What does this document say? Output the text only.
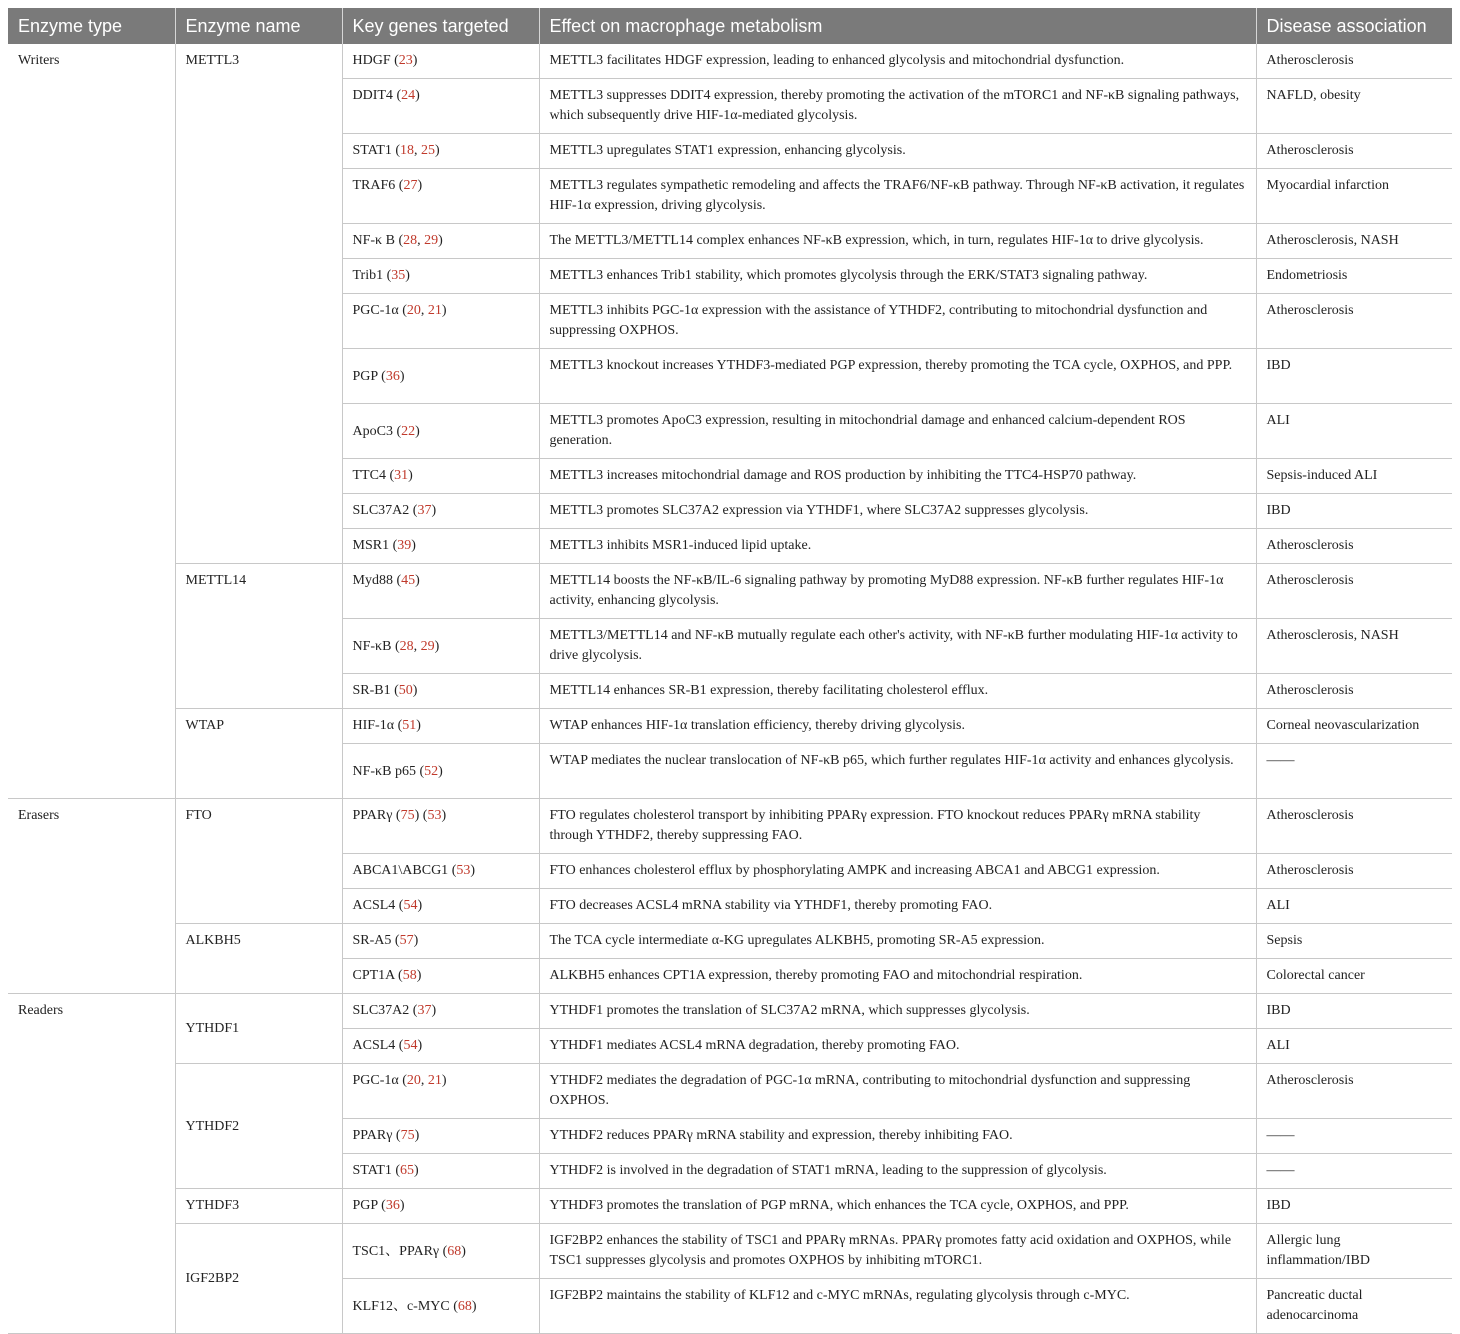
Enzyme type	Enzyme name	Key genes targeted	Effect on macrophage metabolism	Disease association
Writers	METTL3	HDGF (23)	METTL3 facilitates HDGF expression, leading to enhanced glycolysis and mitochondrial dysfunction.	Atherosclerosis
		DDIT4 (24)	METTL3 suppresses DDIT4 expression, thereby promoting the activation of the mTORC1 and NF-κB signaling pathways, which subsequently drive HIF-1α-mediated glycolysis.	NAFLD, obesity
		STAT1 (18, 25)	METTL3 upregulates STAT1 expression, enhancing glycolysis.	Atherosclerosis
		TRAF6 (27)	METTL3 regulates sympathetic remodeling and affects the TRAF6/NF-κB pathway. Through NF-κB activation, it regulates HIF-1α expression, driving glycolysis.	Myocardial infarction
		NF-κ B (28, 29)	The METTL3/METTL14 complex enhances NF-κB expression, which, in turn, regulates HIF-1α to drive glycolysis.	Atherosclerosis, NASH
		Trib1 (35)	METTL3 enhances Trib1 stability, which promotes glycolysis through the ERK/STAT3 signaling pathway.	Endometriosis
		PGC-1α (20, 21)	METTL3 inhibits PGC-1α expression with the assistance of YTHDF2, contributing to mitochondrial dysfunction and suppressing OXPHOS.	Atherosclerosis
		PGP (36)	METTL3 knockout increases YTHDF3-mediated PGP expression, thereby promoting the TCA cycle, OXPHOS, and PPP.	IBD
		ApoC3 (22)	METTL3 promotes ApoC3 expression, resulting in mitochondrial damage and enhanced calcium-dependent ROS generation.	ALI
		TTC4 (31)	METTL3 increases mitochondrial damage and ROS production by inhibiting the TTC4-HSP70 pathway.	Sepsis-induced ALI
		SLC37A2 (37)	METTL3 promotes SLC37A2 expression via YTHDF1, where SLC37A2 suppresses glycolysis.	IBD
		MSR1 (39)	METTL3 inhibits MSR1-induced lipid uptake.	Atherosclerosis
	METTL14	Myd88 (45)	METTL14 boosts the NF-κB/IL-6 signaling pathway by promoting MyD88 expression. NF-κB further regulates HIF-1α activity, enhancing glycolysis.	Atherosclerosis
		NF-κB (28, 29)	METTL3/METTL14 and NF-κB mutually regulate each other's activity, with NF-κB further modulating HIF-1α activity to drive glycolysis.	Atherosclerosis, NASH
		SR-B1 (50)	METTL14 enhances SR-B1 expression, thereby facilitating cholesterol efflux.	Atherosclerosis
	WTAP	HIF-1α (51)	WTAP enhances HIF-1α translation efficiency, thereby driving glycolysis.	Corneal neovascularization
		NF-κB p65 (52)	WTAP mediates the nuclear translocation of NF-κB p65, which further regulates HIF-1α activity and enhances glycolysis.	——
Erasers	FTO	PPARγ (75) (53)	FTO regulates cholesterol transport by inhibiting PPARγ expression. FTO knockout reduces PPARγ mRNA stability through YTHDF2, thereby suppressing FAO.	Atherosclerosis
		ABCA1\ABCG1 (53)	FTO enhances cholesterol efflux by phosphorylating AMPK and increasing ABCA1 and ABCG1 expression.	Atherosclerosis
		ACSL4 (54)	FTO decreases ACSL4 mRNA stability via YTHDF1, thereby promoting FAO.	ALI
	ALKBH5	SR-A5 (57)	The TCA cycle intermediate α-KG upregulates ALKBH5, promoting SR-A5 expression.	Sepsis
		CPT1A (58)	ALKBH5 enhances CPT1A expression, thereby promoting FAO and mitochondrial respiration.	Colorectal cancer
Readers	YTHDF1	SLC37A2 (37)	YTHDF1 promotes the translation of SLC37A2 mRNA, which suppresses glycolysis.	IBD
		ACSL4 (54)	YTHDF1 mediates ACSL4 mRNA degradation, thereby promoting FAO.	ALI
	YTHDF2	PGC-1α (20, 21)	YTHDF2 mediates the degradation of PGC-1α mRNA, contributing to mitochondrial dysfunction and suppressing OXPHOS.	Atherosclerosis
		PPARγ (75)	YTHDF2 reduces PPARγ mRNA stability and expression, thereby inhibiting FAO.	——
		STAT1 (65)	YTHDF2 is involved in the degradation of STAT1 mRNA, leading to the suppression of glycolysis.	——
	YTHDF3	PGP (36)	YTHDF3 promotes the translation of PGP mRNA, which enhances the TCA cycle, OXPHOS, and PPP.	IBD
	IGF2BP2	TSC1、PPARγ (68)	IGF2BP2 enhances the stability of TSC1 and PPARγ mRNAs. PPARγ promotes fatty acid oxidation and OXPHOS, while TSC1 suppresses glycolysis and promotes OXPHOS by inhibiting mTORC1.	Allergic lung inflammation/IBD
		KLF12、c-MYC (68)	IGF2BP2 maintains the stability of KLF12 and c-MYC mRNAs, regulating glycolysis through c-MYC.	Pancreatic ductal adenocarcinoma
